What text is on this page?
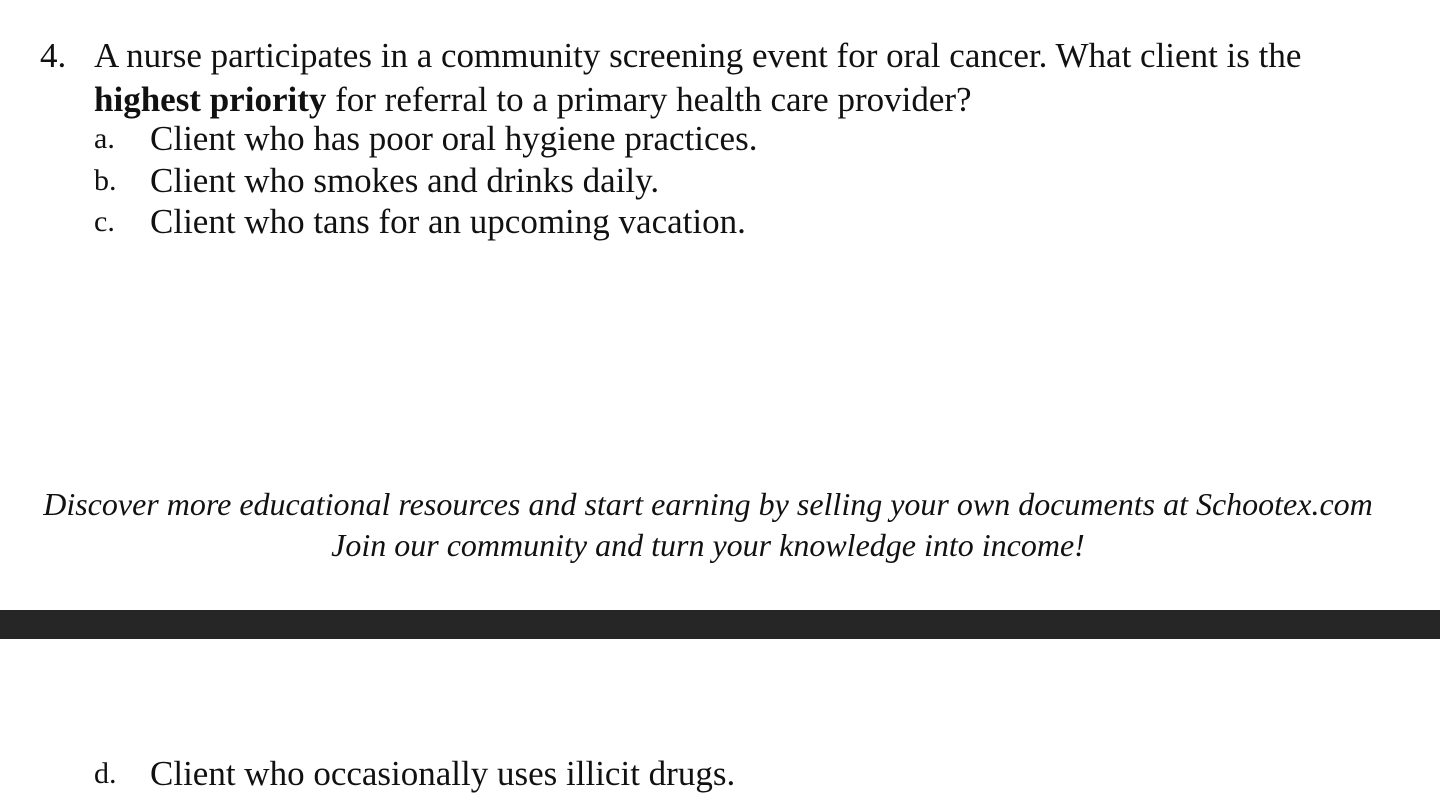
4. A nurse participates in a community screening event for oral cancer. What client is the
highest priority for referral to a primary health care provider?
a. Client who has poor oral hygiene practices.
b. Client who smokes and drinks daily.
c. Client who tans for an upcoming vacation.
Discover more educational resources and start earning by selling your own documents at Schootex.com
Join our community and turn your knowledge into income!
d. Client who occasionally uses illicit drugs.
